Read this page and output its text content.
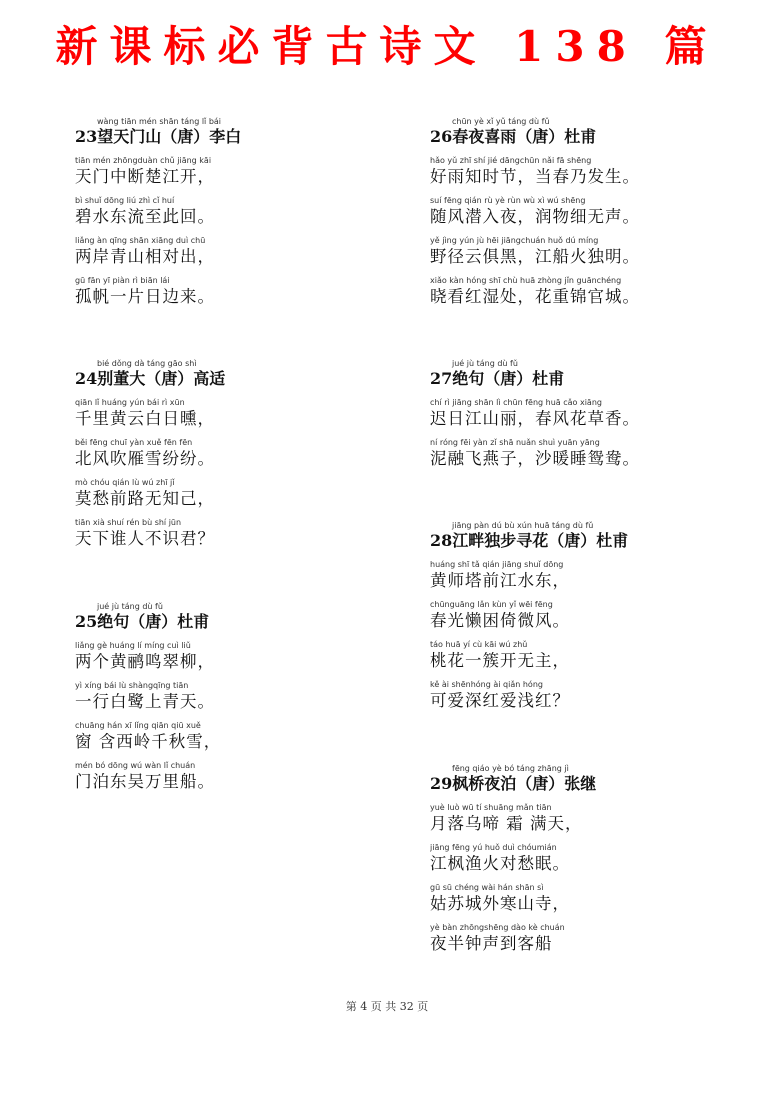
新课标必背古诗文 138 篇
wàng tiān mén shān táng lǐ bái
23望天门山（唐）李白
tiān mén zhōngduàn chǔ jiāng kāi
天门中断楚江开，
bì shuǐ dōng liú zhì cǐ huí
碧水东流至此回。
liǎng àn qīng shān xiāng duì chū
两岸青山相对出，
gū fān yī piàn rì biān lái
孤帆一片日边来。
chūn yè xǐ yǔ táng dù fǔ
26春夜喜雨（唐）杜甫
hǎo yǔ zhī shí jié dāngchūn nǎi fā shēng
好雨知时节，当春乃发生。
suí fēng qián rù yè rùn wù xì wú shēng
随风潜入夜，润物细无声。
yě jìng yún jù hēi jiāngchuán huǒ dú míng
野径云俱黑，江船火独明。
xiǎo kàn hóng shī chù huā zhòng jǐn guānchéng
晓看红湿处，花重锦官城。
bié dǒng dà táng gāo shì
24别董大（唐）高适
qiān lǐ huáng yún bái rì xūn
千里黄云白日曛，
běi fēng chuī yàn xuě fēn fēn
北风吹雁雪纷纷。
mò chóu qián lù wú zhī jǐ
莫愁前路无知己，
tiān xià shuí rén bù shí jūn
天下谁人不识君？
jué jù táng dù fǔ
27绝句（唐）杜甫
chí rì jiāng shān lì chūn fēng huā cǎo xiāng
迟日江山丽，春风花草香。
ní róng fēi yàn zǐ shā nuǎn shuì yuān yāng
泥融飞燕子，沙暖睡鸳鸯。
jué jù táng dù fǔ
25绝句（唐）杜甫
liǎng gè huáng lí míng cuì liǔ
两个黄鹂鸣翠柳，
yì xíng bái lù shàngqīng tiān
一行白鹭上青天。
chuāng hán xī lǐng qiān qiū xuě
窗 含西岭千秋雪，
mén bó dōng wú wàn lǐ chuán
门泊东吴万里船。
jiāng pàn dú bù xún huā táng dù fǔ
28江畔独步寻花（唐）杜甫
huáng shī tǎ qián jiāng shuǐ dōng
黄师塔前江水东，
chūnguāng lǎn kùn yǐ wēi fēng
春光懒困倚微风。
táo huā yí cù kāi wú zhǔ
桃花一簇开无主，
kě ài shēnhóng ài qiǎn hóng
可爱深红爱浅红？
fēng qiáo yè bó táng zhāng jì
29枫桥夜泊（唐）张继
yuè luò wū tí shuāng mǎn tiān
月落乌啼 霜 满天，
jiāng fēng yú huǒ duì chóumián
江枫渔火对愁眠。
gū sū chéng wài hán shān sì
姑苏城外寒山寺，
yè bàn zhōngshēng dào kè chuán
夜半钟声到客船
第 4 页 共 32 页
